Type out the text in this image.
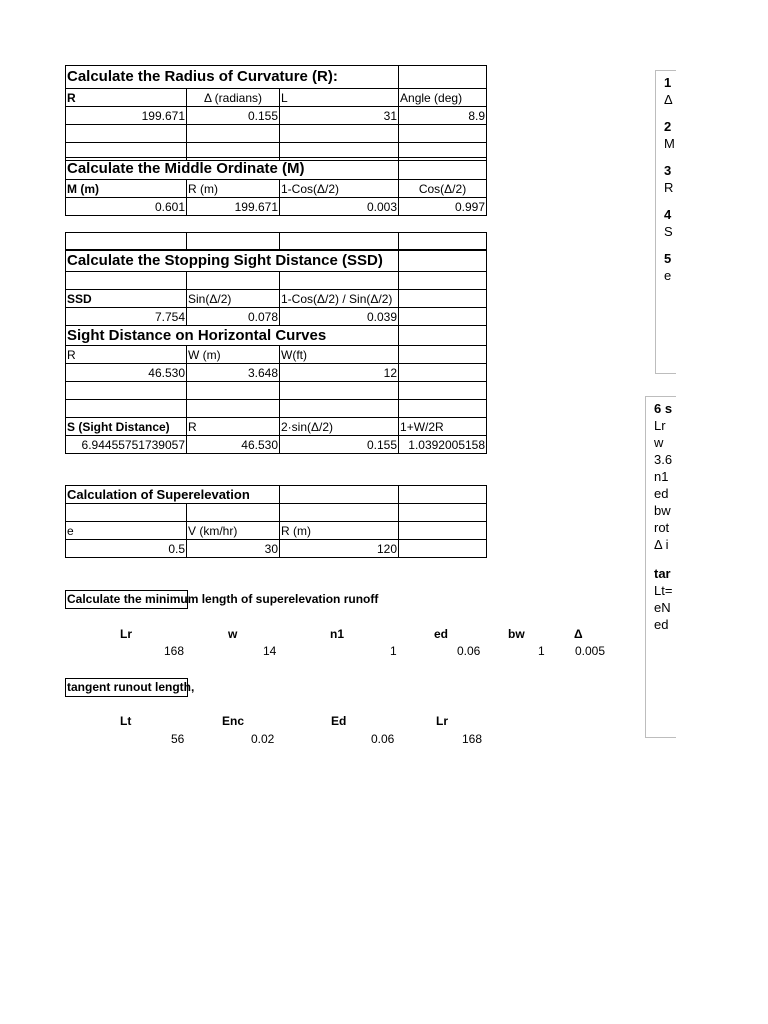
Calculate the Radius of Curvature (R):			
R	Δ (radians)	L	Angle (deg)
199.671	0.155	31	8.9

Calculate the Middle Ordinate (M)			
M (m)	R (m)	1-Cos(Δ/2)	Cos(Δ/2)
0.601	199.671	0.003	0.997

Calculate the Stopping Sight Distance (SSD)			

SSD	Sin(Δ/2)	1-Cos(Δ/2) / Sin(Δ/2)	
7.754	0.078	0.039	
Sight Distance on Horizontal Curves			
R	W (m)	W(ft)	
46.530	3.648	12	

S (Sight Distance)	R	2·sin(Δ/2)	1+W/2R
6.94455751739057	46.530	0.155	1.0392005158
Calculation of Superelevation			

e	V (km/hr)	R (m)	
0.5	30	120	
Calculate the minimum length of superelevation runoff
Lr	w	n1	ed	bw	Δ
168	14	1	0.06	1	0.005
tangent runout length,
Lt	Enc	Ed	Lr
56	0.02	0.06	168
1
Δ
2
M
3
R
4
S
5
e
6 s
Lr
w
3.6
n1
ed
bw
rot
Δ i
tar
Lt=
eN
ed
